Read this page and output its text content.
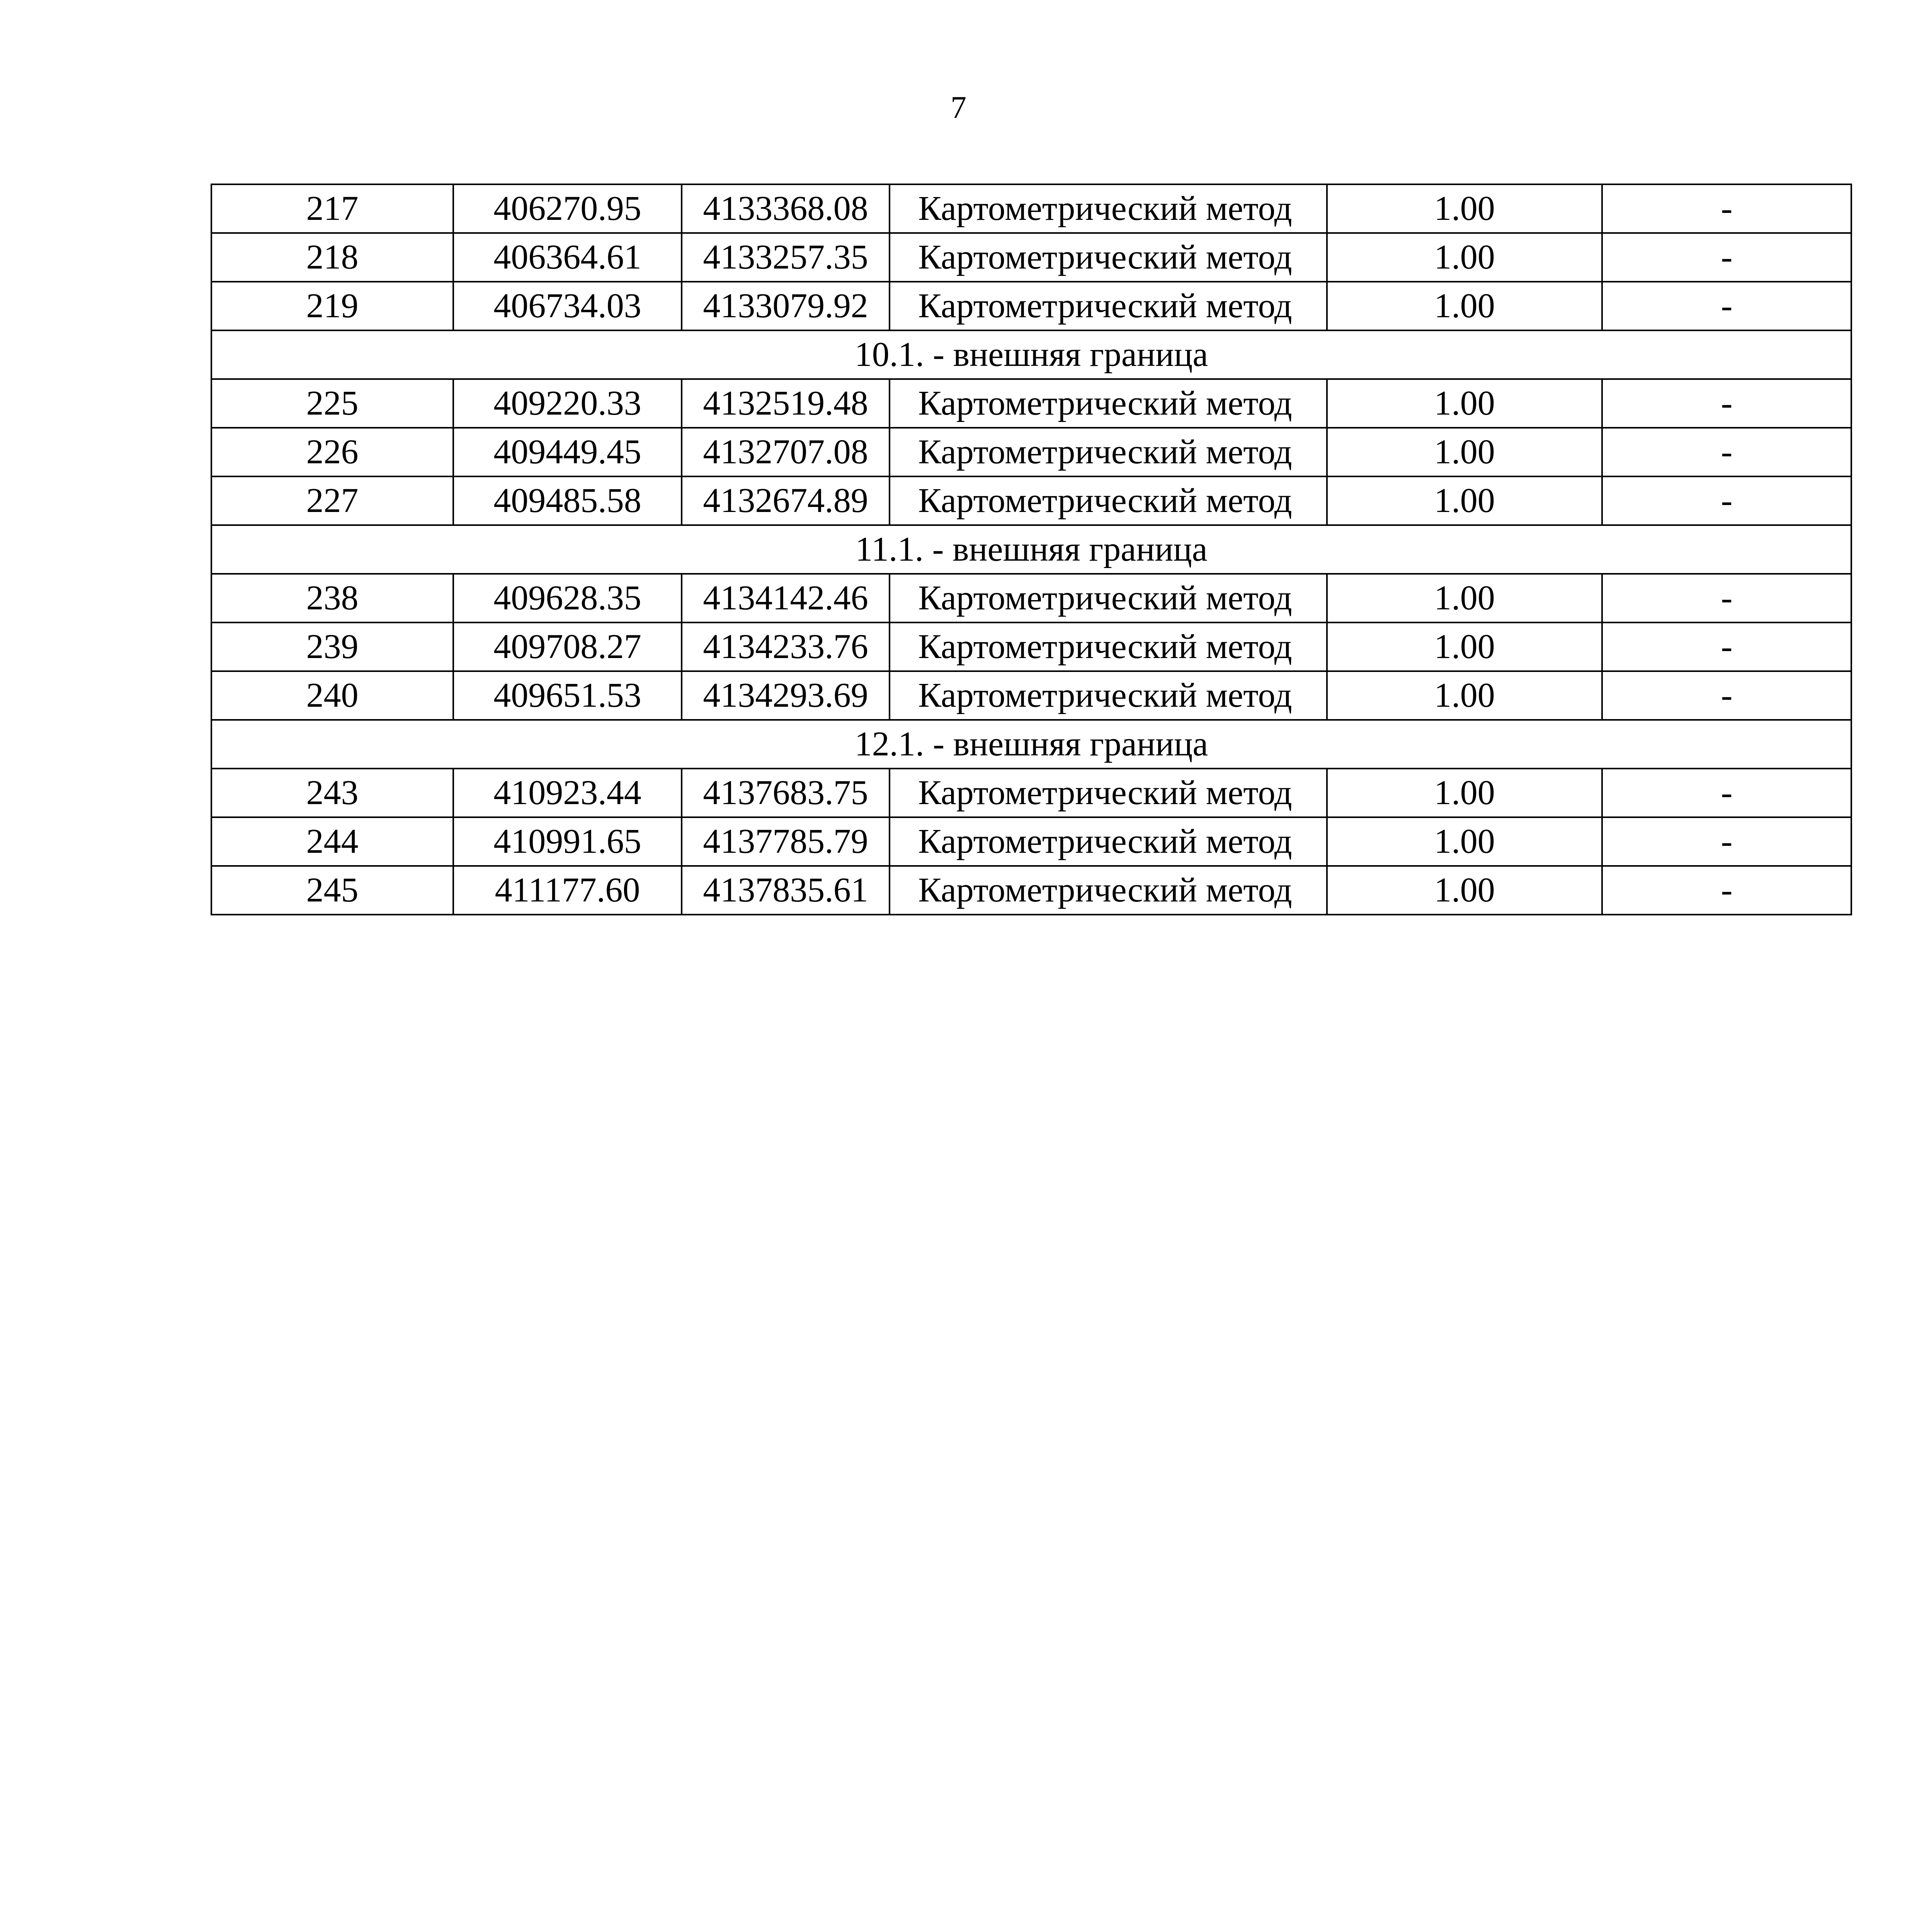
7
217	406270.95	4133368.08	Картометрический метод	1.00	-
218	406364.61	4133257.35	Картометрический метод	1.00	-
219	406734.03	4133079.92	Картометрический метод	1.00	-
10.1. - внешняя граница					
225	409220.33	4132519.48	Картометрический метод	1.00	-
226	409449.45	4132707.08	Картометрический метод	1.00	-
227	409485.58	4132674.89	Картометрический метод	1.00	-
11.1. - внешняя граница					
238	409628.35	4134142.46	Картометрический метод	1.00	-
239	409708.27	4134233.76	Картометрический метод	1.00	-
240	409651.53	4134293.69	Картометрический метод	1.00	-
12.1. - внешняя граница					
243	410923.44	4137683.75	Картометрический метод	1.00	-
244	410991.65	4137785.79	Картометрический метод	1.00	-
245	411177.60	4137835.61	Картометрический метод	1.00	-
